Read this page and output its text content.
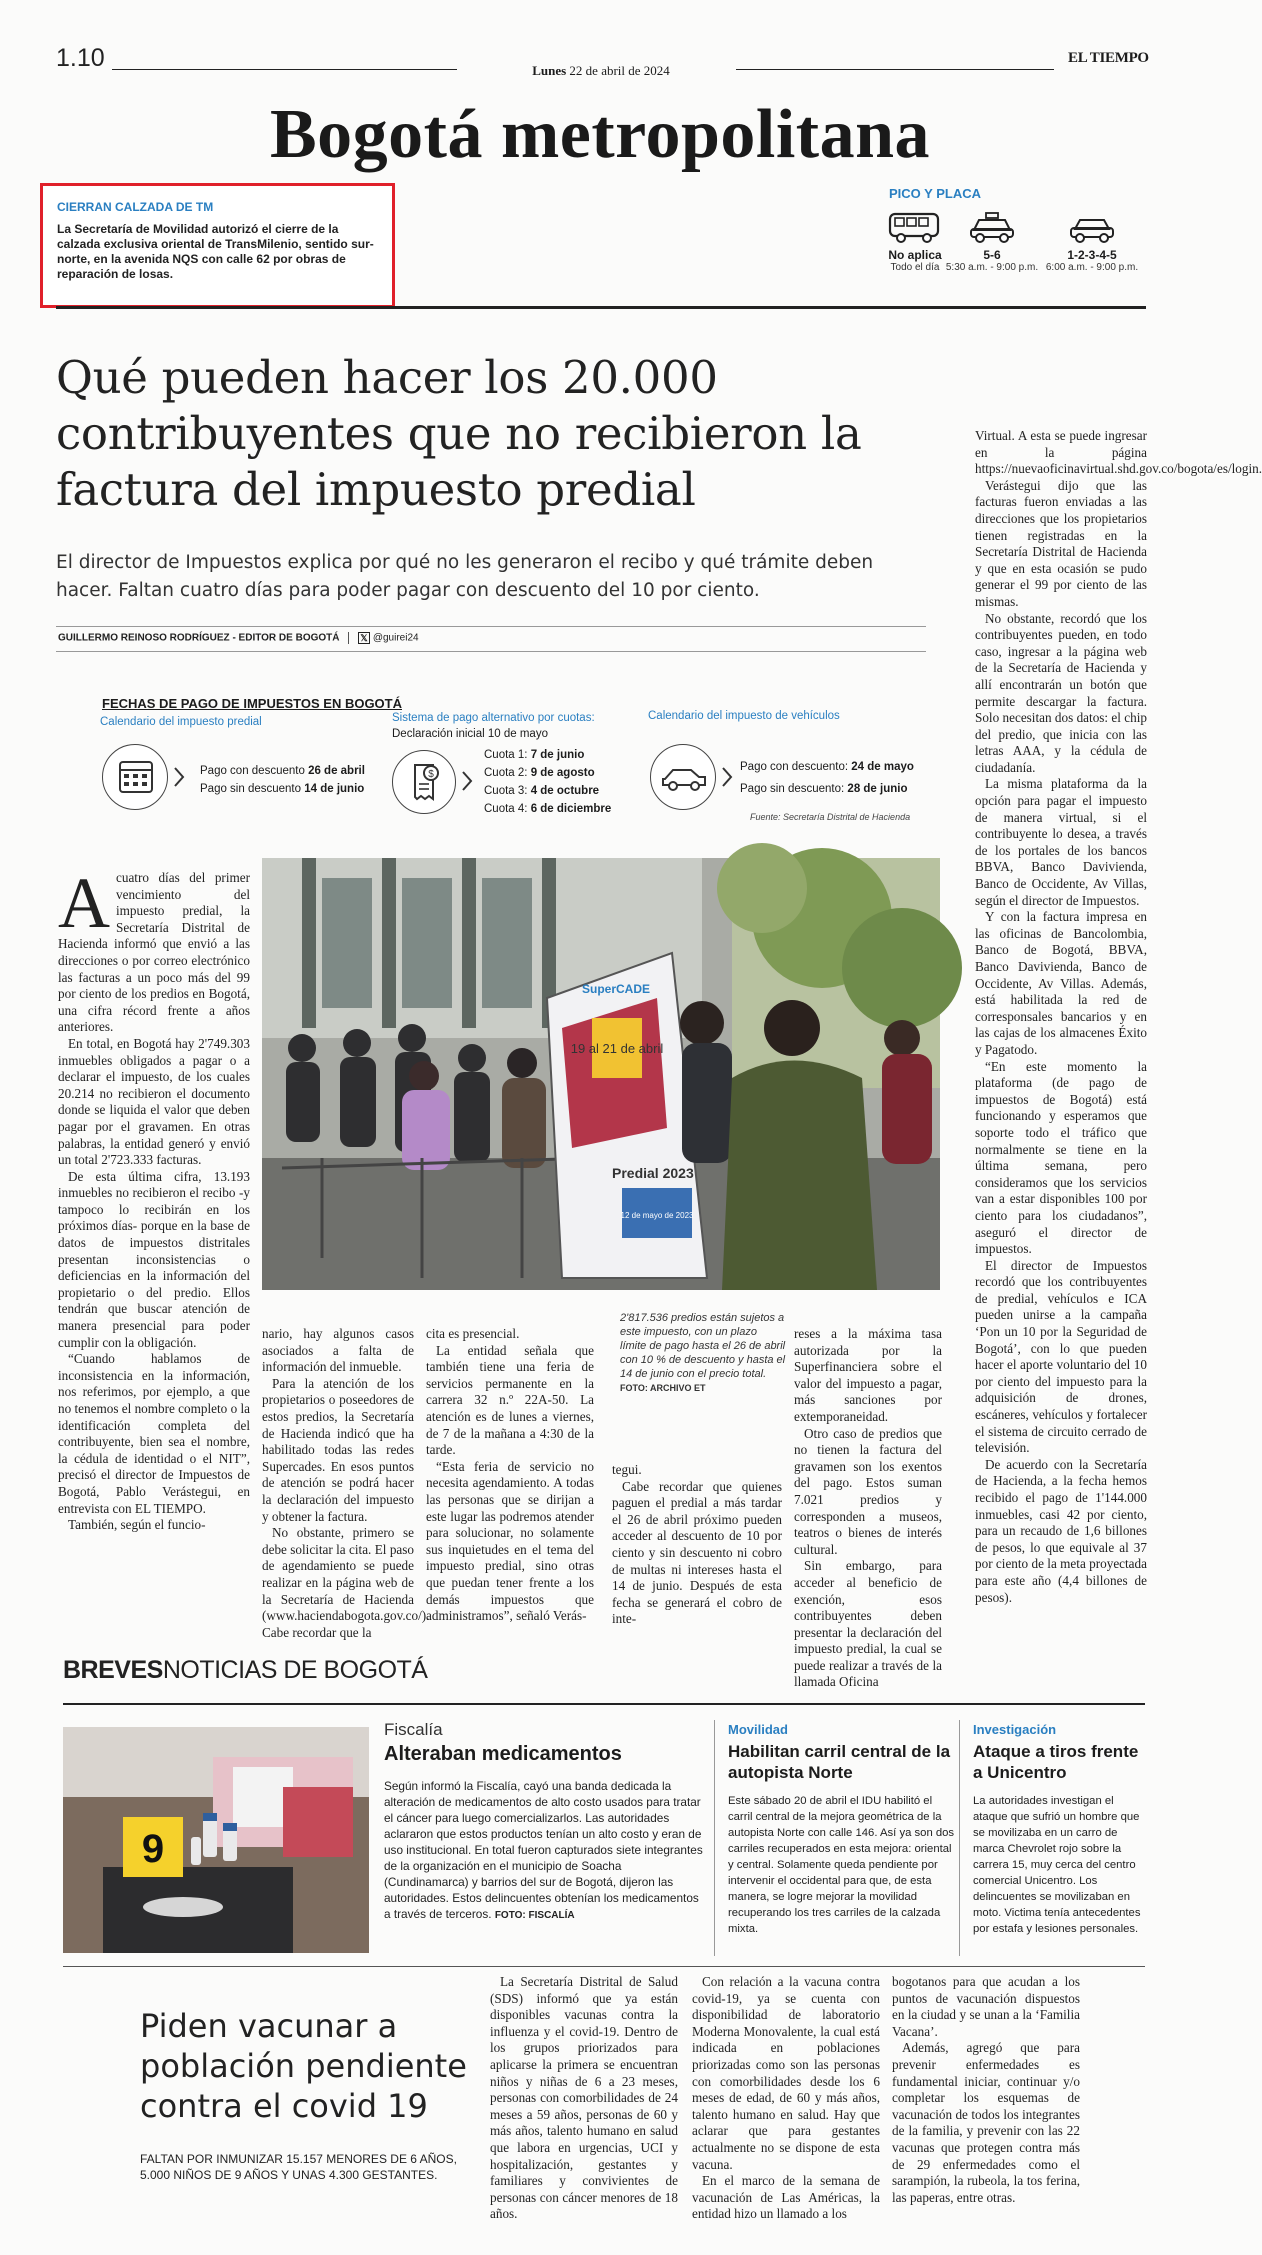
1.10	Lunes 22 de abril de 2024
EL TIEMPO
Bogotá metropolitana
CIERRAN CALZADA DE TM
La Secretaría de Movilidad autorizó el cierre de la calzada exclusiva oriental de TransMilenio, sentido sur-norte, en la avenida NQS con calle 62 por obras de reparación de losas.
PICO Y PLACA
No aplica
Todo el día
5-6
5:30 a.m. - 9:00 p.m.
1-2-3-4-5
6:00 a.m. - 9:00 p.m.
Qué pueden hacer los 20.000 contribuyentes que no recibieron la factura del impuesto predial
El director de Impuestos explica por qué no les generaron el recibo y qué trámite deben hacer. Faltan cuatro días para poder pagar con descuento del 10 por ciento.
GUILLERMO REINOSO RODRÍGUEZ - EDITOR DE BOGOTÁ 𝕏 @guirei24
FECHAS DE PAGO DE IMPUESTOS EN BOGOTÁ
Calendario del impuesto predial
Pago con descuento 26 de abril
Pago sin descuento 14 de junio
Sistema de pago alternativo por cuotas:
Declaración inicial 10 de mayo
$
Cuota 1: 7 de junio
Cuota 2: 9 de agosto
Cuota 3: 4 de octubre
Cuota 4: 6 de diciembre
Calendario del impuesto de vehículos
Pago con descuento: 24 de mayo
Pago sin descuento: 28 de junio
Fuente: Secretaría Distrital de Hacienda
19 al 21 de abril
SuperCADE
Predial 2023
12 de mayo de 2023
A cuatro días del primer vencimiento del impuesto predial, la Secretaría Distrital de Hacienda informó que envió a las direcciones o por correo electrónico las facturas a un poco más del 99 por ciento de los predios en Bogotá, una cifra récord frente a años anteriores.

En total, en Bogotá hay 2'749.303 inmuebles obligados a pagar o a declarar el impuesto, de los cuales 20.214 no recibieron el documento donde se liquida el valor que deben pagar por el gravamen. En otras palabras, la entidad generó y envió un total 2'723.333 facturas.

De esta última cifra, 13.193 inmuebles no recibieron el recibo -y tampoco lo recibirán en los próximos días- porque en la base de datos de impuestos distritales presentan inconsistencias o deficiencias en la información del propietario o del predio. Ellos tendrán que buscar atención de manera presencial para poder cumplir con la obligación.

“Cuando hablamos de inconsistencia en la información, nos referimos, por ejemplo, a que no tenemos el nombre completo o la identificación completa del contribuyente, bien sea el nombre, la cédula de identidad o el NIT”, precisó el director de Impuestos de Bogotá, Pablo Verástegui, en entrevista con EL TIEMPO.

También, según el funcio-

nario, hay algunos casos asociados a falta de información del inmueble.

Para la atención de los propietarios o poseedores de estos predios, la Secretaría de Hacienda indicó que ha habilitado todas las redes Supercades. En esos puntos de atención se podrá hacer la declaración del impuesto y obtener la factura.

No obstante, primero se debe solicitar la cita. El paso de agendamiento se puede realizar en la página web de la Secretaría de Hacienda (www.haciendabogota.gov.co/). Cabe recordar que la

cita es presencial.

La entidad señala que también tiene una feria de servicios permanente en la carrera 32 n.º 22A-50. La atención es de lunes a viernes, de 7 de la mañana a 4:30 de la tarde.

“Esta feria de servicio no necesita agendamiento. A todas las personas que se dirijan a este lugar las podremos atender para solucionar, no solamente sus inquietudes en el tema del impuesto predial, sino otras que puedan tener frente a los demás impuestos que administramos”, señaló Verás-

2'817.536 predios están sujetos a este impuesto, con un plazo límite de pago hasta el 26 de abril con 10 % de descuento y hasta el 14 de junio con el precio total. FOTO: ARCHIVO ET

tegui.

Cabe recordar que quienes paguen el predial a más tardar el 26 de abril próximo pueden acceder al descuento de 10 por ciento y sin descuento ni cobro de multas ni intereses hasta el 14 de junio. Después de esta fecha se generará el cobro de inte-

reses a la máxima tasa autorizada por la Superfinanciera sobre el valor del impuesto a pagar, más sanciones por extemporaneidad.

Otro caso de predios que no tienen la factura del gravamen son los exentos del pago. Estos suman 7.021 predios y corresponden a museos, teatros o bienes de interés cultural.

Sin embargo, para acceder al beneficio de exención, esos contribuyentes deben presentar la declaración del impuesto predial, la cual se puede realizar a través de la llamada Oficina

Virtual. A esta se puede ingresar en la página https://nuevaoficinavirtual.shd.gov.co/bogota/es/login.

Verástegui dijo que las facturas fueron enviadas a las direcciones que los propietarios tienen registradas en la Secretaría Distrital de Hacienda y que en esta ocasión se pudo generar el 99 por ciento de las mismas.

No obstante, recordó que los contribuyentes pueden, en todo caso, ingresar a la página web de la Secretaría de Hacienda y allí encontrarán un botón que permite descargar la factura. Solo necesitan dos datos: el chip del predio, que inicia con las letras AAA, y la cédula de ciudadanía.

La misma plataforma da la opción para pagar el impuesto de manera virtual, si el contribuyente lo desea, a través de los portales de los bancos BBVA, Banco Davivienda, Banco de Occidente, Av Villas, según el director de Impuestos.

Y con la factura impresa en las oficinas de Bancolombia, Banco de Bogotá, BBVA, Banco Davivienda, Banco de Occidente, Av Villas. Además, está habilitada la red de corresponsales bancarios y en las cajas de los almacenes Éxito y Pagatodo.

“En este momento la plataforma (de pago de impuestos de Bogotá) está funcionando y esperamos que soporte todo el tráfico que normalmente se tiene en la última semana, pero consideramos que los servicios van a estar disponibles 100 por ciento para los ciudadanos”, aseguró el director de impuestos.

El director de Impuestos recordó que los contribuyentes de predial, vehículos e ICA pueden unirse a la campaña ‘Pon un 10 por la Seguridad de Bogotá’, con lo que pueden hacer el aporte voluntario del 10 por ciento del impuesto para la adquisición de drones, escáneres, vehículos y fortalecer el sistema de circuito cerrado de televisión.

De acuerdo con la Secretaría de Hacienda, a la fecha hemos recibido el pago de 1'144.000 inmuebles, casi 42 por ciento, para un recaudo de 1,6 billones de pesos, lo que equivale al 37 por ciento de la meta proyectada para este año (4,4 billones de pesos).

BREVESNOTICIAS DE BOGOTÁ
9
Fiscalía
Alteraban medicamentos
Según informó la Fiscalía, cayó una banda dedicada la alteración de medicamentos de alto costo usados para tratar el cáncer para luego comercializarlos. Las autoridades aclararon que estos productos tenían un alto costo y eran de uso institucional. En total fueron capturados siete integrantes de la organización en el municipio de Soacha (Cundinamarca) y barrios del sur de Bogotá, dijeron las autoridades. Estos delincuentes obtenían los medicamentos a través de terceros. FOTO: FISCALÍA
Movilidad
Habilitan carril central de la autopista Norte
Este sábado 20 de abril el IDU habilitó el carril central de la mejora geométrica de la autopista Norte con calle 146. Así ya son dos carriles recuperados en esta mejora: oriental y central. Solamente queda pendiente por intervenir el occidental para que, de esta manera, se logre mejorar la movilidad recuperando los tres carriles de la calzada mixta.
Investigación
Ataque a tiros frente a Unicentro
La autoridades investigan el ataque que sufrió un hombre que se movilizaba en un carro de marca Chevrolet rojo sobre la carrera 15, muy cerca del centro comercial Unicentro. Los delincuentes se movilizaban en moto. Victima tenía antecedentes por estafa y lesiones personales.
Piden vacunar a población pendiente contra el covid 19
FALTAN POR INMUNIZAR 15.157 MENORES DE 6 AÑOS, 5.000 NIÑOS DE 9 AÑOS Y UNAS 4.300 GESTANTES.

La Secretaría Distrital de Salud (SDS) informó que ya están disponibles vacunas contra la influenza y el covid-19. Dentro de los grupos priorizados para aplicarse la primera se encuentran niños y niñas de 6 a 23 meses, personas con comorbilidades de 24 meses a 59 años, personas de 60 y más años, talento humano en salud que labora en urgencias, UCI y hospitalización, gestantes y familiares y convivientes de personas con cáncer menores de 18 años.

Con relación a la vacuna contra covid-19, ya se cuenta con disponibilidad de laboratorio Moderna Monovalente, la cual está indicada en poblaciones priorizadas como son las personas con comorbilidades desde los 6 meses de edad, de 60 y más años, talento humano en salud. Hay que aclarar que para gestantes actualmente no se dispone de esta vacuna.

En el marco de la semana de vacunación de Las Américas, la entidad hizo un llamado a los

bogotanos para que acudan a los puntos de vacunación dispuestos en la ciudad y se unan a la ‘Familia Vacana’.

Además, agregó que para prevenir enfermedades es fundamental iniciar, continuar y/o completar los esquemas de vacunación de todos los integrantes de la familia, y prevenir con las 22 vacunas que protegen contra más de 29 enfermedades como el sarampión, la rubeola, la tos ferina, las paperas, entre otras.
